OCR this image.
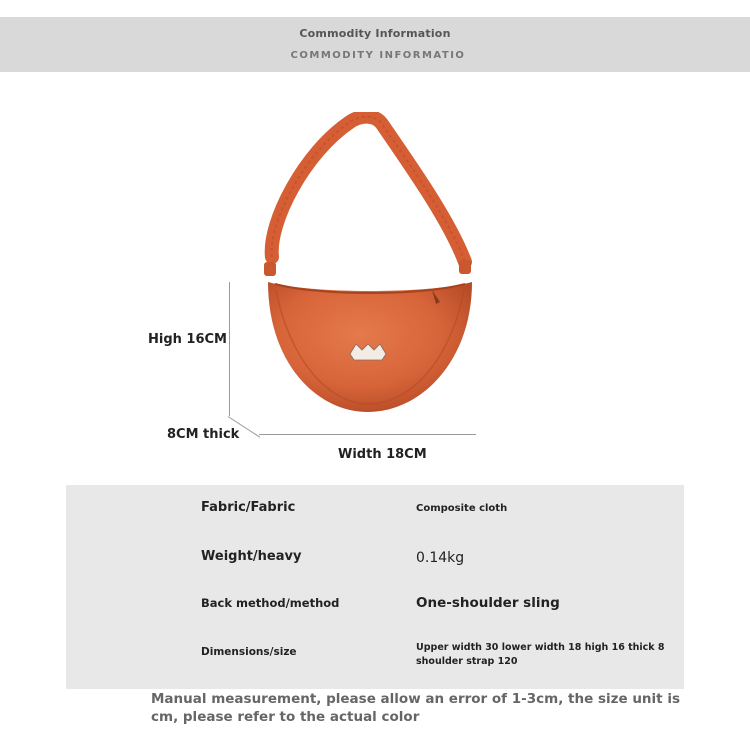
Commodity Information
COMMODITY INFORMATIO
High 16CM
8CM thick
Width 18CM
Fabric/Fabric	Composite cloth
Weight/heavy	0.14kg
Back method/method	One-shoulder sling
Dimensions/size	Upper width 30 lower width 18 high 16 thick 8 shoulder strap 120
Manual measurement, please allow an error of 1-3cm, the size unit is cm, please refer to the actual color
